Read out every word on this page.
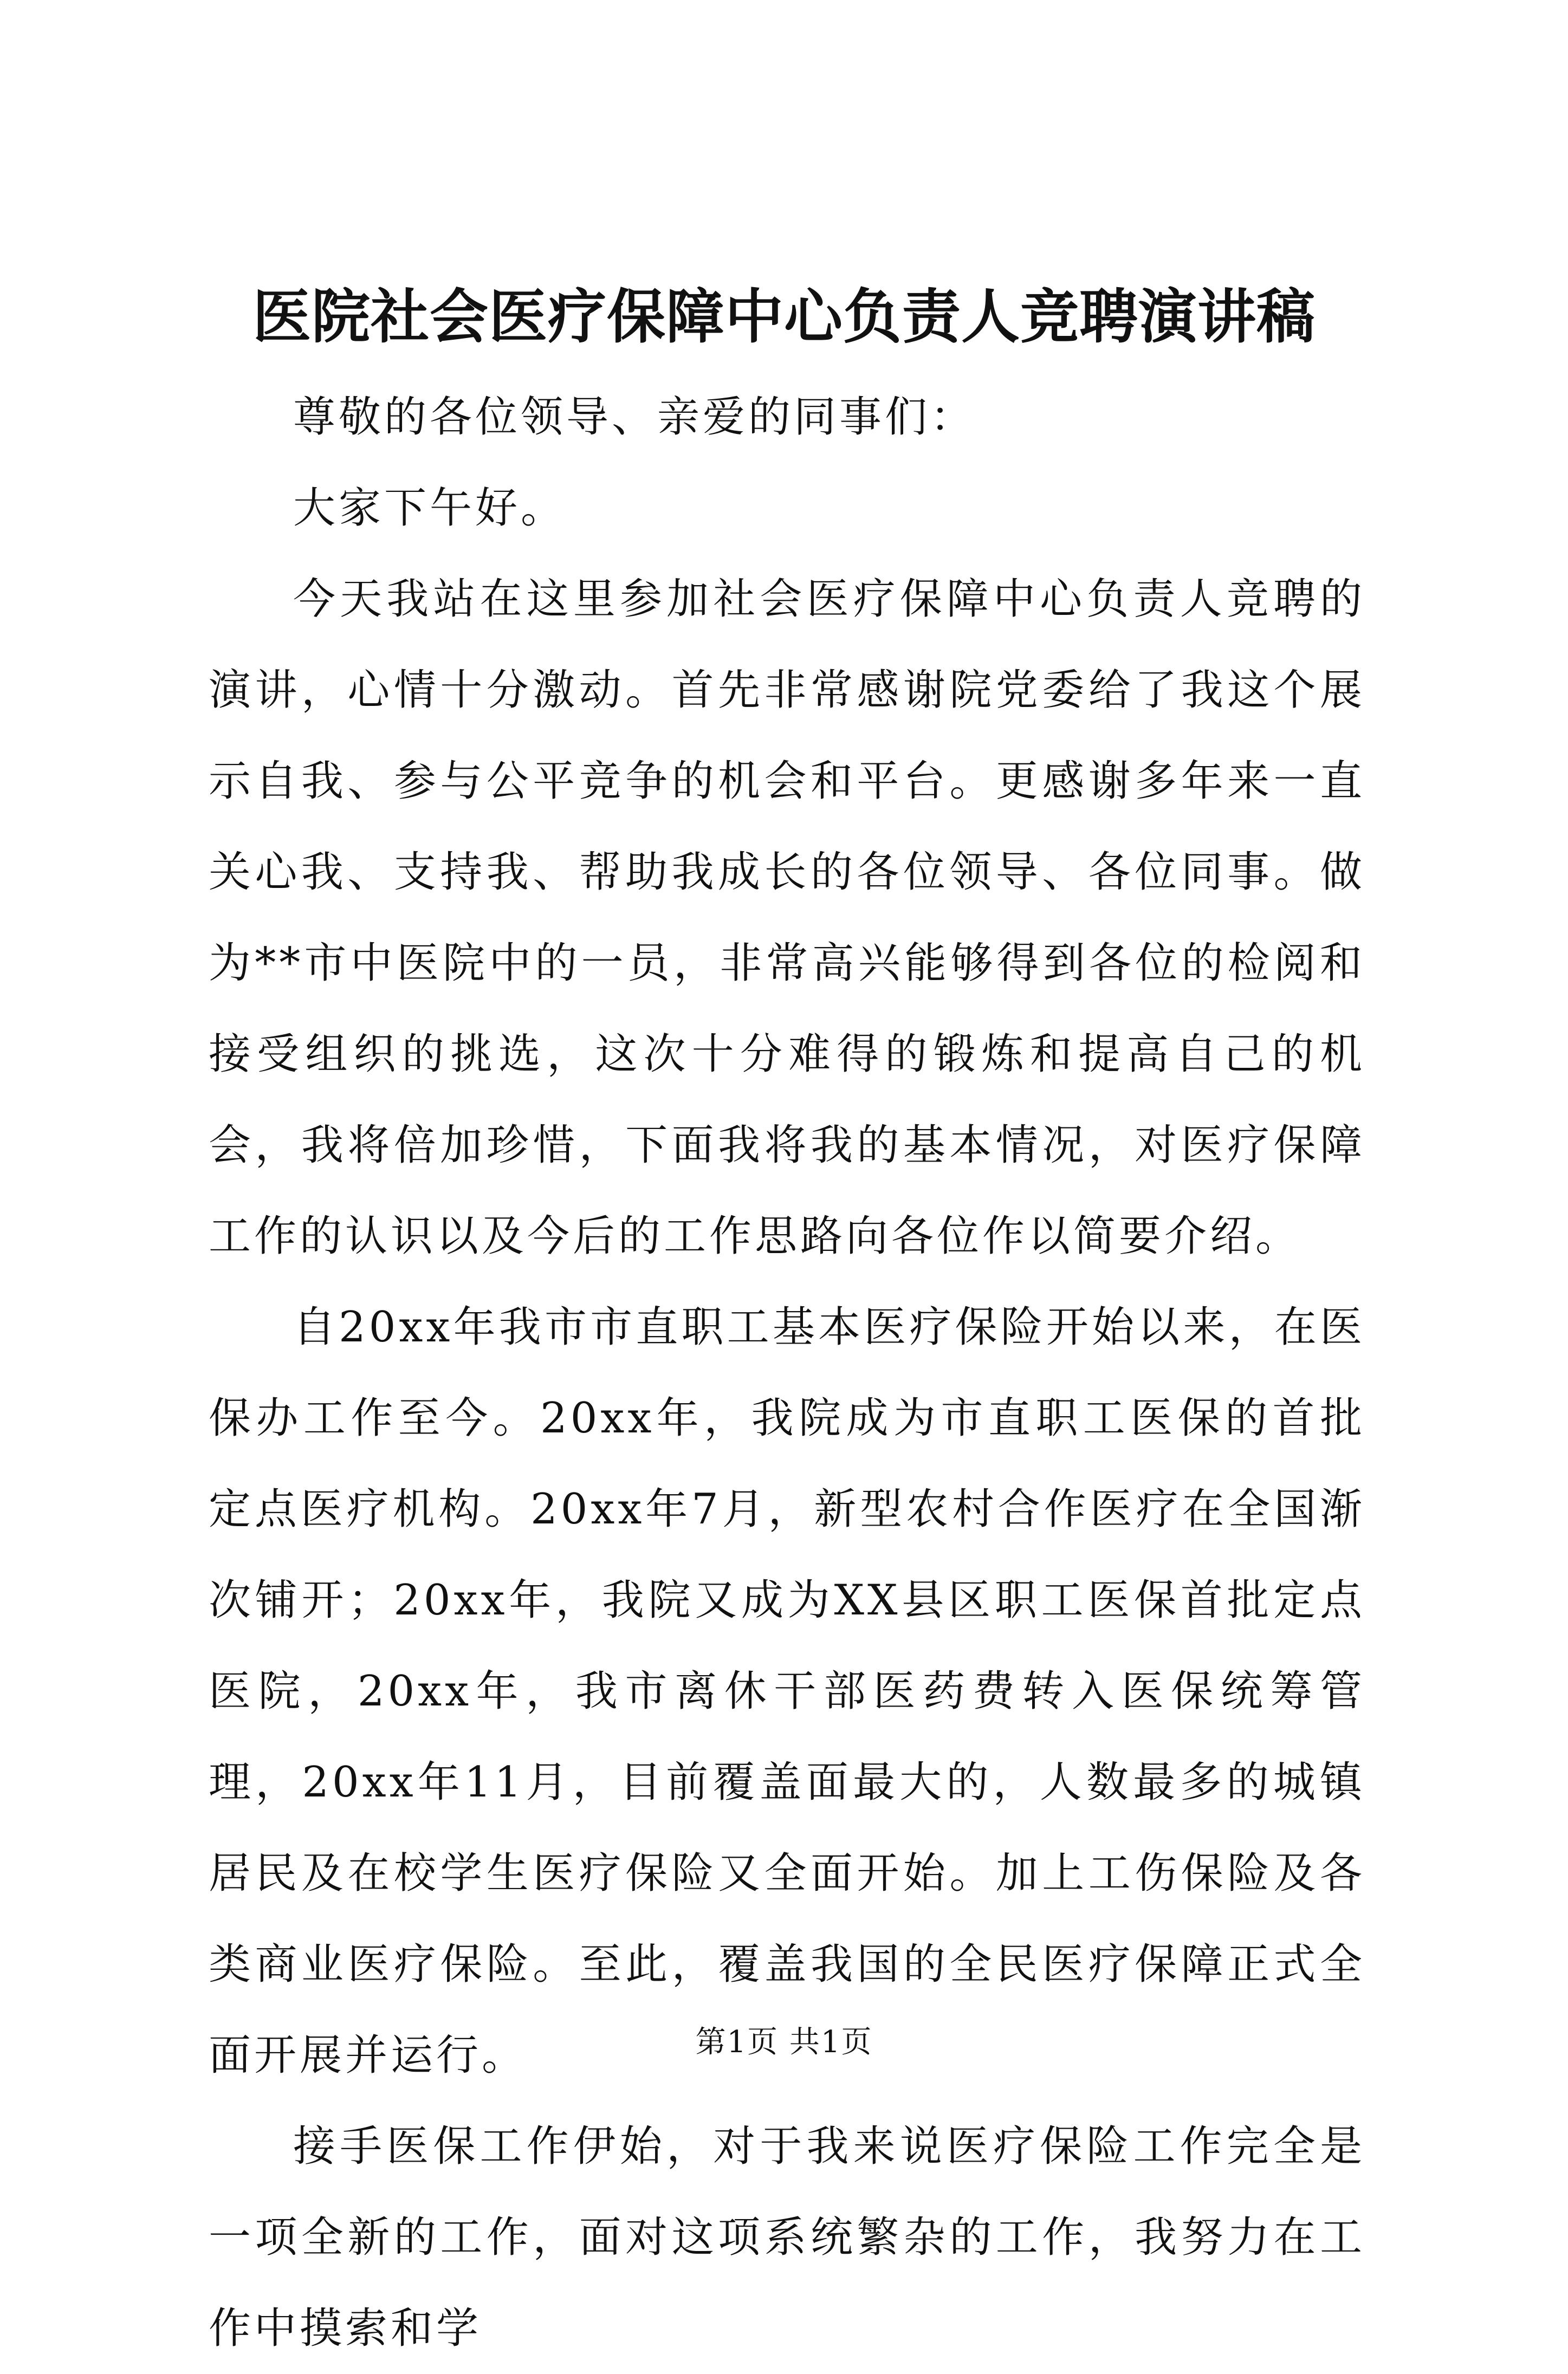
医院社会医疗保障中心负责人竞聘演讲稿

尊敬的各位领导、亲爱的同事们：

大家下午好。

今天我站在这里参加社会医疗保障中心负责人竞聘的演讲，心情十分激动。首先非常感谢院党委给了我这个展示自我、参与公平竞争的机会和平台。更感谢多年来一直关心我、支持我、帮助我成长的各位领导、各位同事。做为**市中医院中的一员，非常高兴能够得到各位的检阅和接受组织的挑选，这次十分难得的锻炼和提高自己的机会，我将倍加珍惜，下面我将我的基本情况，对医疗保障工作的认识以及今后的工作思路向各位作以简要介绍。

自20xx年我市市直职工基本医疗保险开始以来，在医保办工作至今。20xx年，我院成为市直职工医保的首批定点医疗机构。20xx年7月，新型农村合作医疗在全国渐次铺开；20xx年，我院又成为XX县区职工医保首批定点医院，20xx年，我市离休干部医药费转入医保统筹管理，20xx年11月，目前覆盖面最大的，人数最多的城镇居民及在校学生医疗保险又全面开始。加上工伤保险及各类商业医疗保险。至此，覆盖我国的全民医疗保障正式全面开展并运行。

接手医保工作伊始，对于我来说医疗保险工作完全是一项全新的工作，面对这项系统繁杂的工作，我努力在工作中摸索和学

第1页 共1页
